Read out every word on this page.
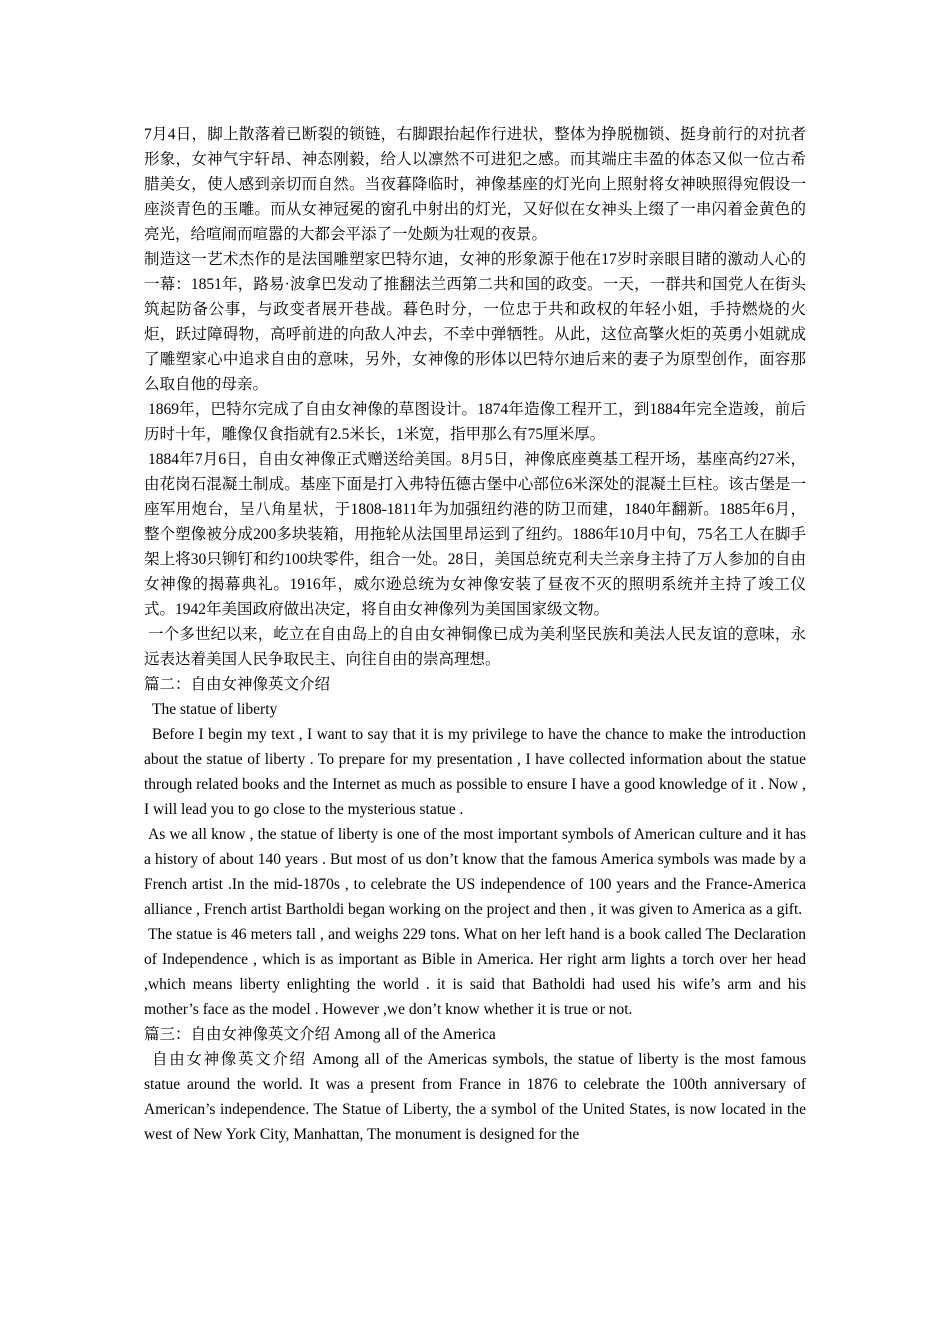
7月4日，脚上散落着已断裂的锁链，右脚跟抬起作行进状，整体为挣脱枷锁、挺身前行的对抗者形象，女神气宇轩昂、神态刚毅，给人以凛然不可进犯之感。而其端庄丰盈的体态又似一位古希腊美女，使人感到亲切而自然。当夜暮降临时，神像基座的灯光向上照射将女神映照得宛假设一座淡青色的玉雕。而从女神冠冕的窗孔中射出的灯光，又好似在女神头上缀了一串闪着金黄色的亮光，给喧闹而喧嚣的大都会平添了一处颇为壮观的夜景。

制造这一艺术杰作的是法国雕塑家巴特尔迪，女神的形象源于他在17岁时亲眼目睹的激动人心的一幕：1851年，路易·波拿巴发动了推翻法兰西第二共和国的政变。一天，一群共和国党人在街头筑起防备公事，与政变者展开巷战。暮色时分，一位忠于共和政权的年轻小姐，手持燃烧的火炬，跃过障碍物，高呼前进的向敌人冲去，不幸中弹牺牲。从此，这位高擎火炬的英勇小姐就成了雕塑家心中追求自由的意味，另外，女神像的形体以巴特尔迪后来的妻子为原型创作，面容那么取自他的母亲。

1869年，巴特尔完成了自由女神像的草图设计。1874年造像工程开工，到1884年完全造竣，前后历时十年，雕像仅食指就有2.5米长，1米宽，指甲那么有75厘米厚。

1884年7月6日，自由女神像正式赠送给美国。8月5日，神像底座奠基工程开场，基座高约27米，由花岗石混凝土制成。基座下面是打入弗特伍德古堡中心部位6米深处的混凝土巨柱。该古堡是一座军用炮台，呈八角星状，于1808-1811年为加强纽约港的防卫而建，1840年翻新。1885年6月，整个塑像被分成200多块装箱，用拖轮从法国里昂运到了纽约。1886年10月中旬，75名工人在脚手架上将30只铆钉和约100块零件，组合一处。28日，美国总统克利夫兰亲身主持了万人参加的自由女神像的揭幕典礼。1916年，威尔逊总统为女神像安装了昼夜不灭的照明系统并主持了竣工仪式。1942年美国政府做出决定，将自由女神像列为美国国家级文物。

一个多世纪以来，屹立在自由岛上的自由女神铜像已成为美利坚民族和美法人民友谊的意味，永远表达着美国人民争取民主、向往自由的崇高理想。

篇二：自由女神像英文介绍

The statue of liberty

Before I begin my text , I want to say that it is my privilege to have the chance to make the introduction about the statue of liberty . To prepare for my presentation , I have collected information about the statue through related books and the Internet as much as possible to ensure I have a good knowledge of it . Now , I will lead you to go close to the mysterious statue .

As we all know , the statue of liberty is one of the most important symbols of American culture and it has a history of about 140 years . But most of us don’t know that the famous America symbols was made by a French artist .In the mid-1870s , to celebrate the US independence of 100 years and the France-America alliance , French artist Bartholdi began working on the project and then , it was given to America as a gift.

The statue is 46 meters tall , and weighs 229 tons. What on her left hand is a book called The Declaration of Independence , which is as important as Bible in America. Her right arm lights a torch over her head ,which means liberty enlighting the world . it is said that Batholdi had used his wife’s arm and his mother’s face as the model . However ,we don’t know whether it is true or not.

篇三：自由女神像英文介绍 Among all of the America

自由女神像英文介绍 Among all of the Americas symbols, the statue of liberty is the most famous statue around the world. It was a present from France in 1876 to celebrate the 100th anniversary of American’s independence. The Statue of Liberty, the a symbol of the United States, is now located in the west of New York City, Manhattan, The monument is designed for the
